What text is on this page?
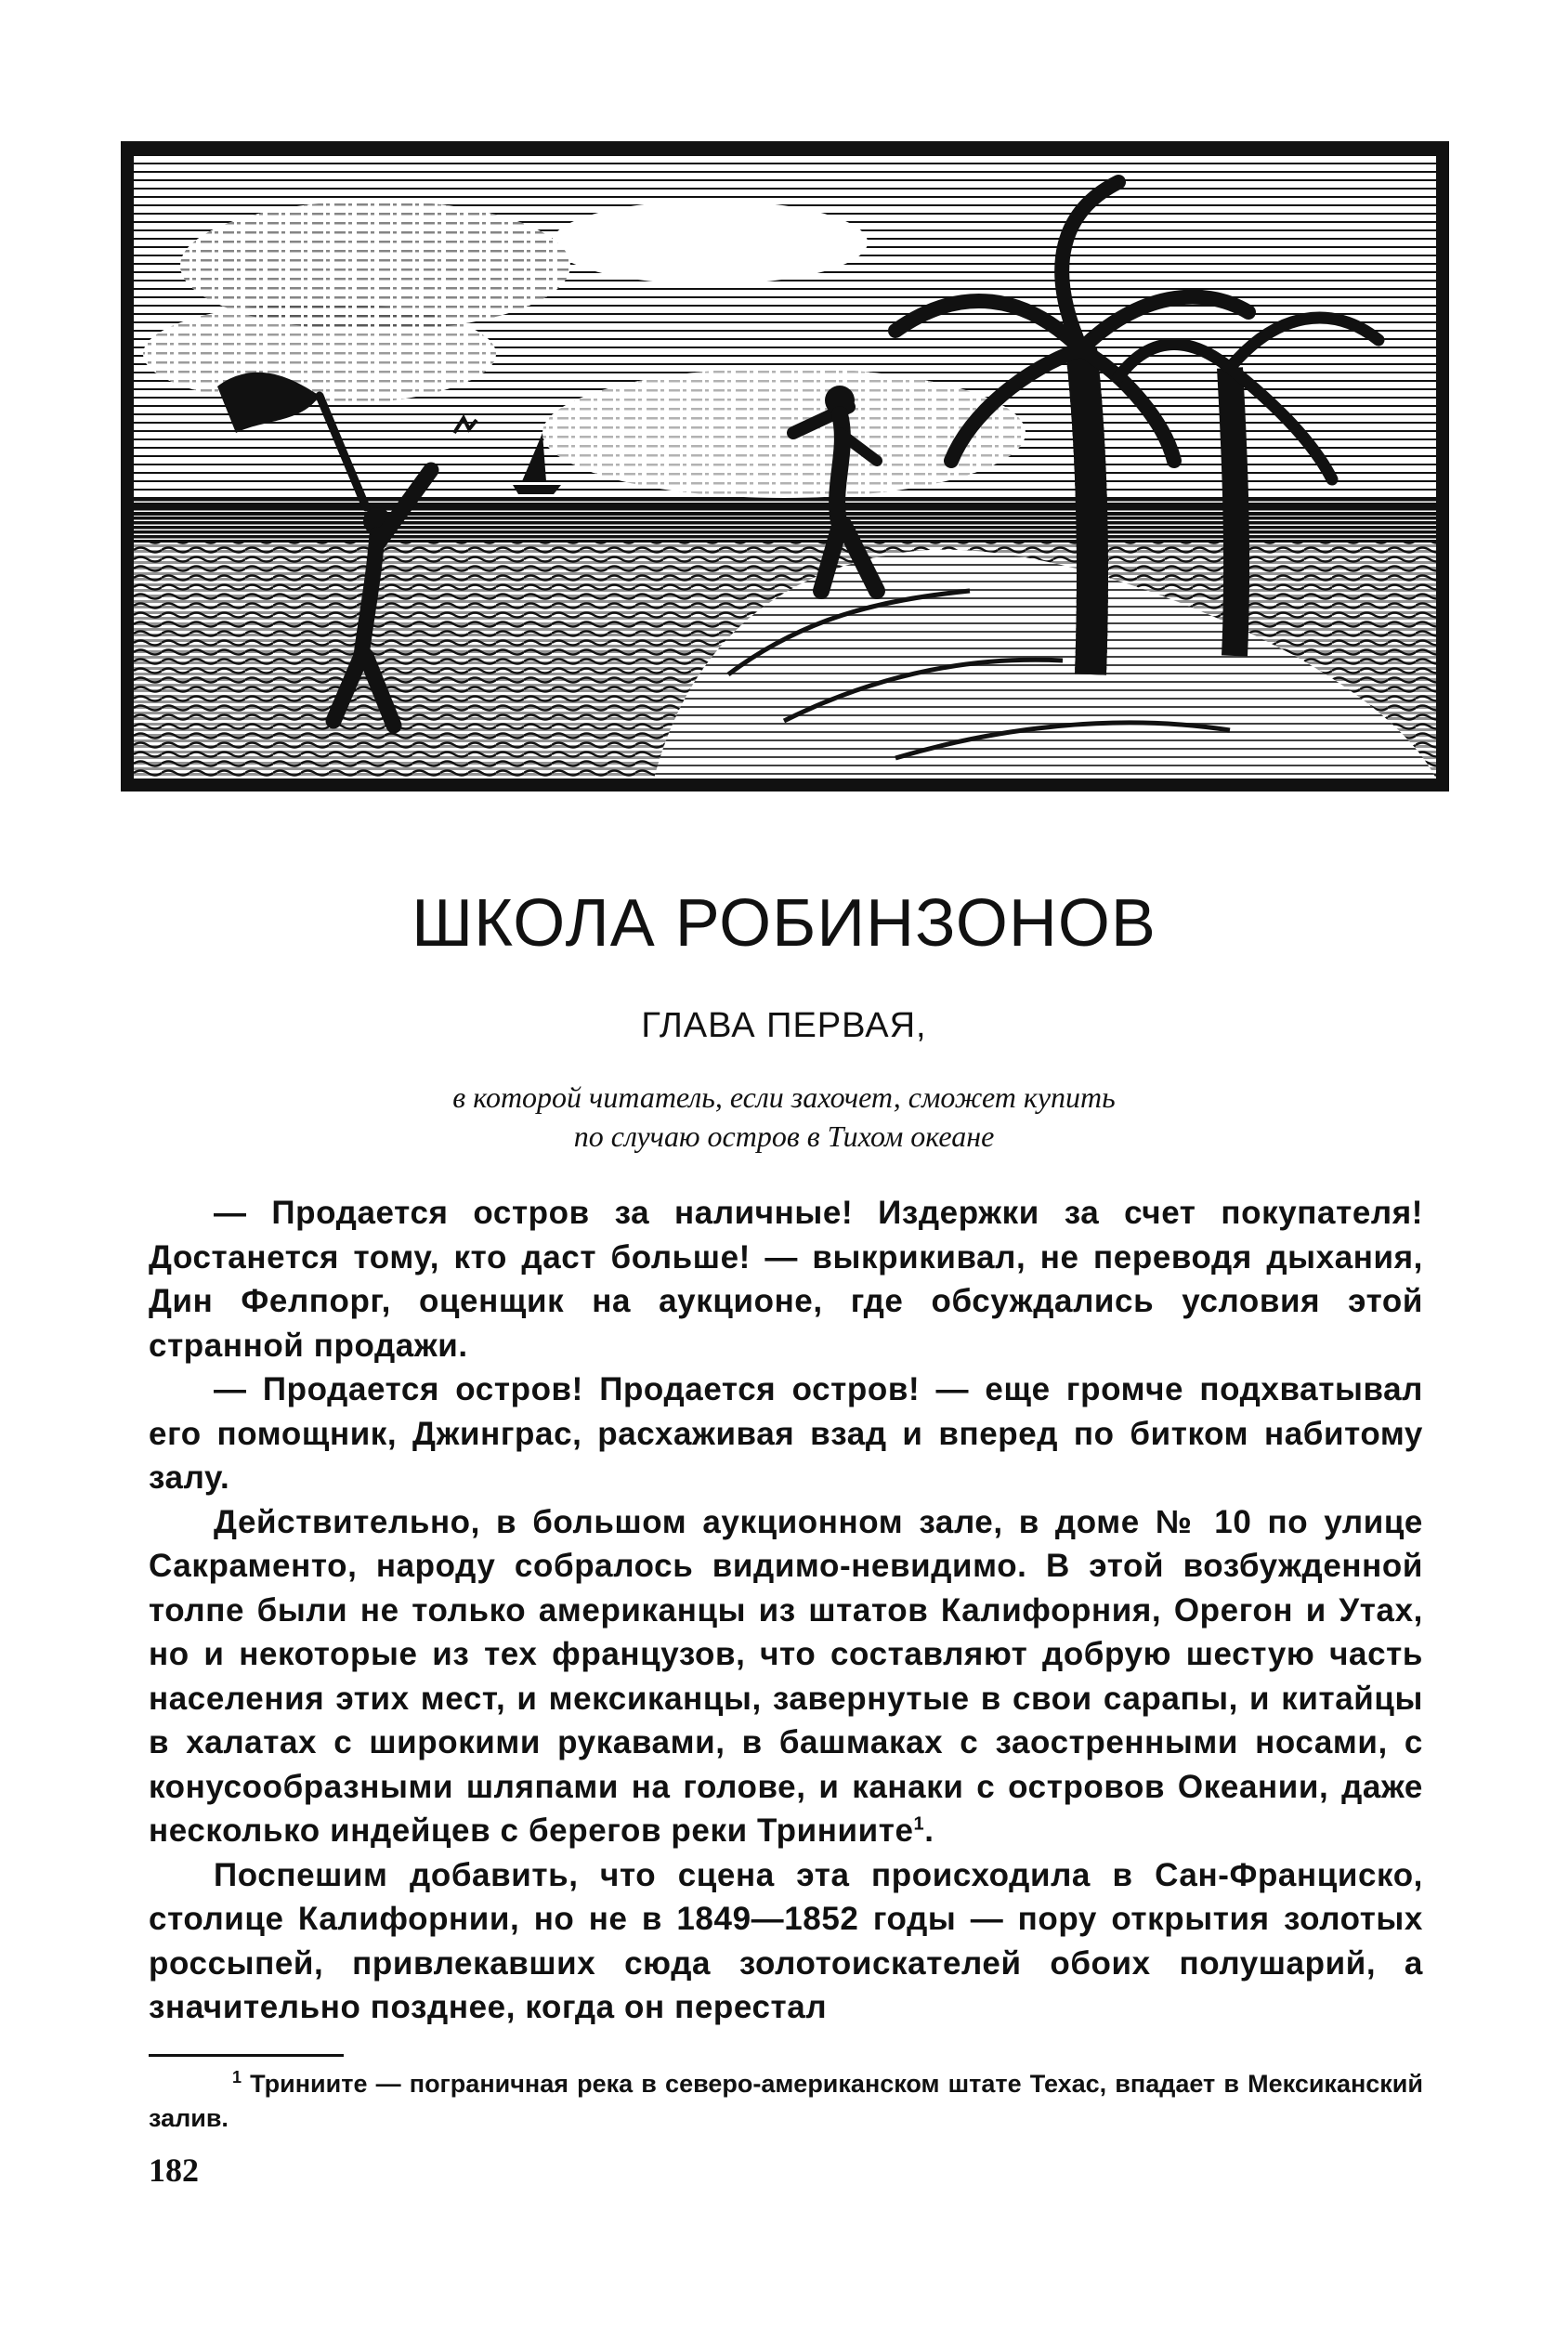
ШКОЛА РОБИНЗОНОВ
ГЛАВА ПЕРВАЯ,
в которой читатель, если захочет, сможет купить
по случаю остров в Тихом океане

— Продается остров за наличные! Издержки за счет покупателя! Достанется тому, кто даст больше! — выкрикивал, не переводя дыхания, Дин Фелпорг, оценщик на аукционе, где обсуждались условия этой странной продажи.

— Продается остров! Продается остров! — еще громче подхватывал его помощник, Джинграс, расхаживая взад и вперед по битком набитому залу.

Действительно, в большом аукционном зале, в доме № 10 по улице Сакраменто, народу собралось видимо-невидимо. В этой возбужденной толпе были не только американцы из штатов Калифорния, Орегон и Утах, но и некоторые из тех французов, что составляют добрую шестую часть населения этих мест, и мексиканцы, завернутые в свои сарапы, и китайцы в халатах с широкими рукавами, в башмаках с заостренными носами, с конусообразными шляпами на голове, и канаки с островов Океании, даже несколько индейцев с берегов реки Триниите$^1$.

Поспешим добавить, что сцена эта происходила в Сан-Франциско, столице Калифорнии, но не в 1849—1852 годы — пору открытия золотых россыпей, привлекавших сюда золотоискателей обоих полушарий, а значительно позднее, когда он перестал

$^1$ Триниите — пограничная река в северо-американском штате Техас, впадает в Мексиканский залив.
182
